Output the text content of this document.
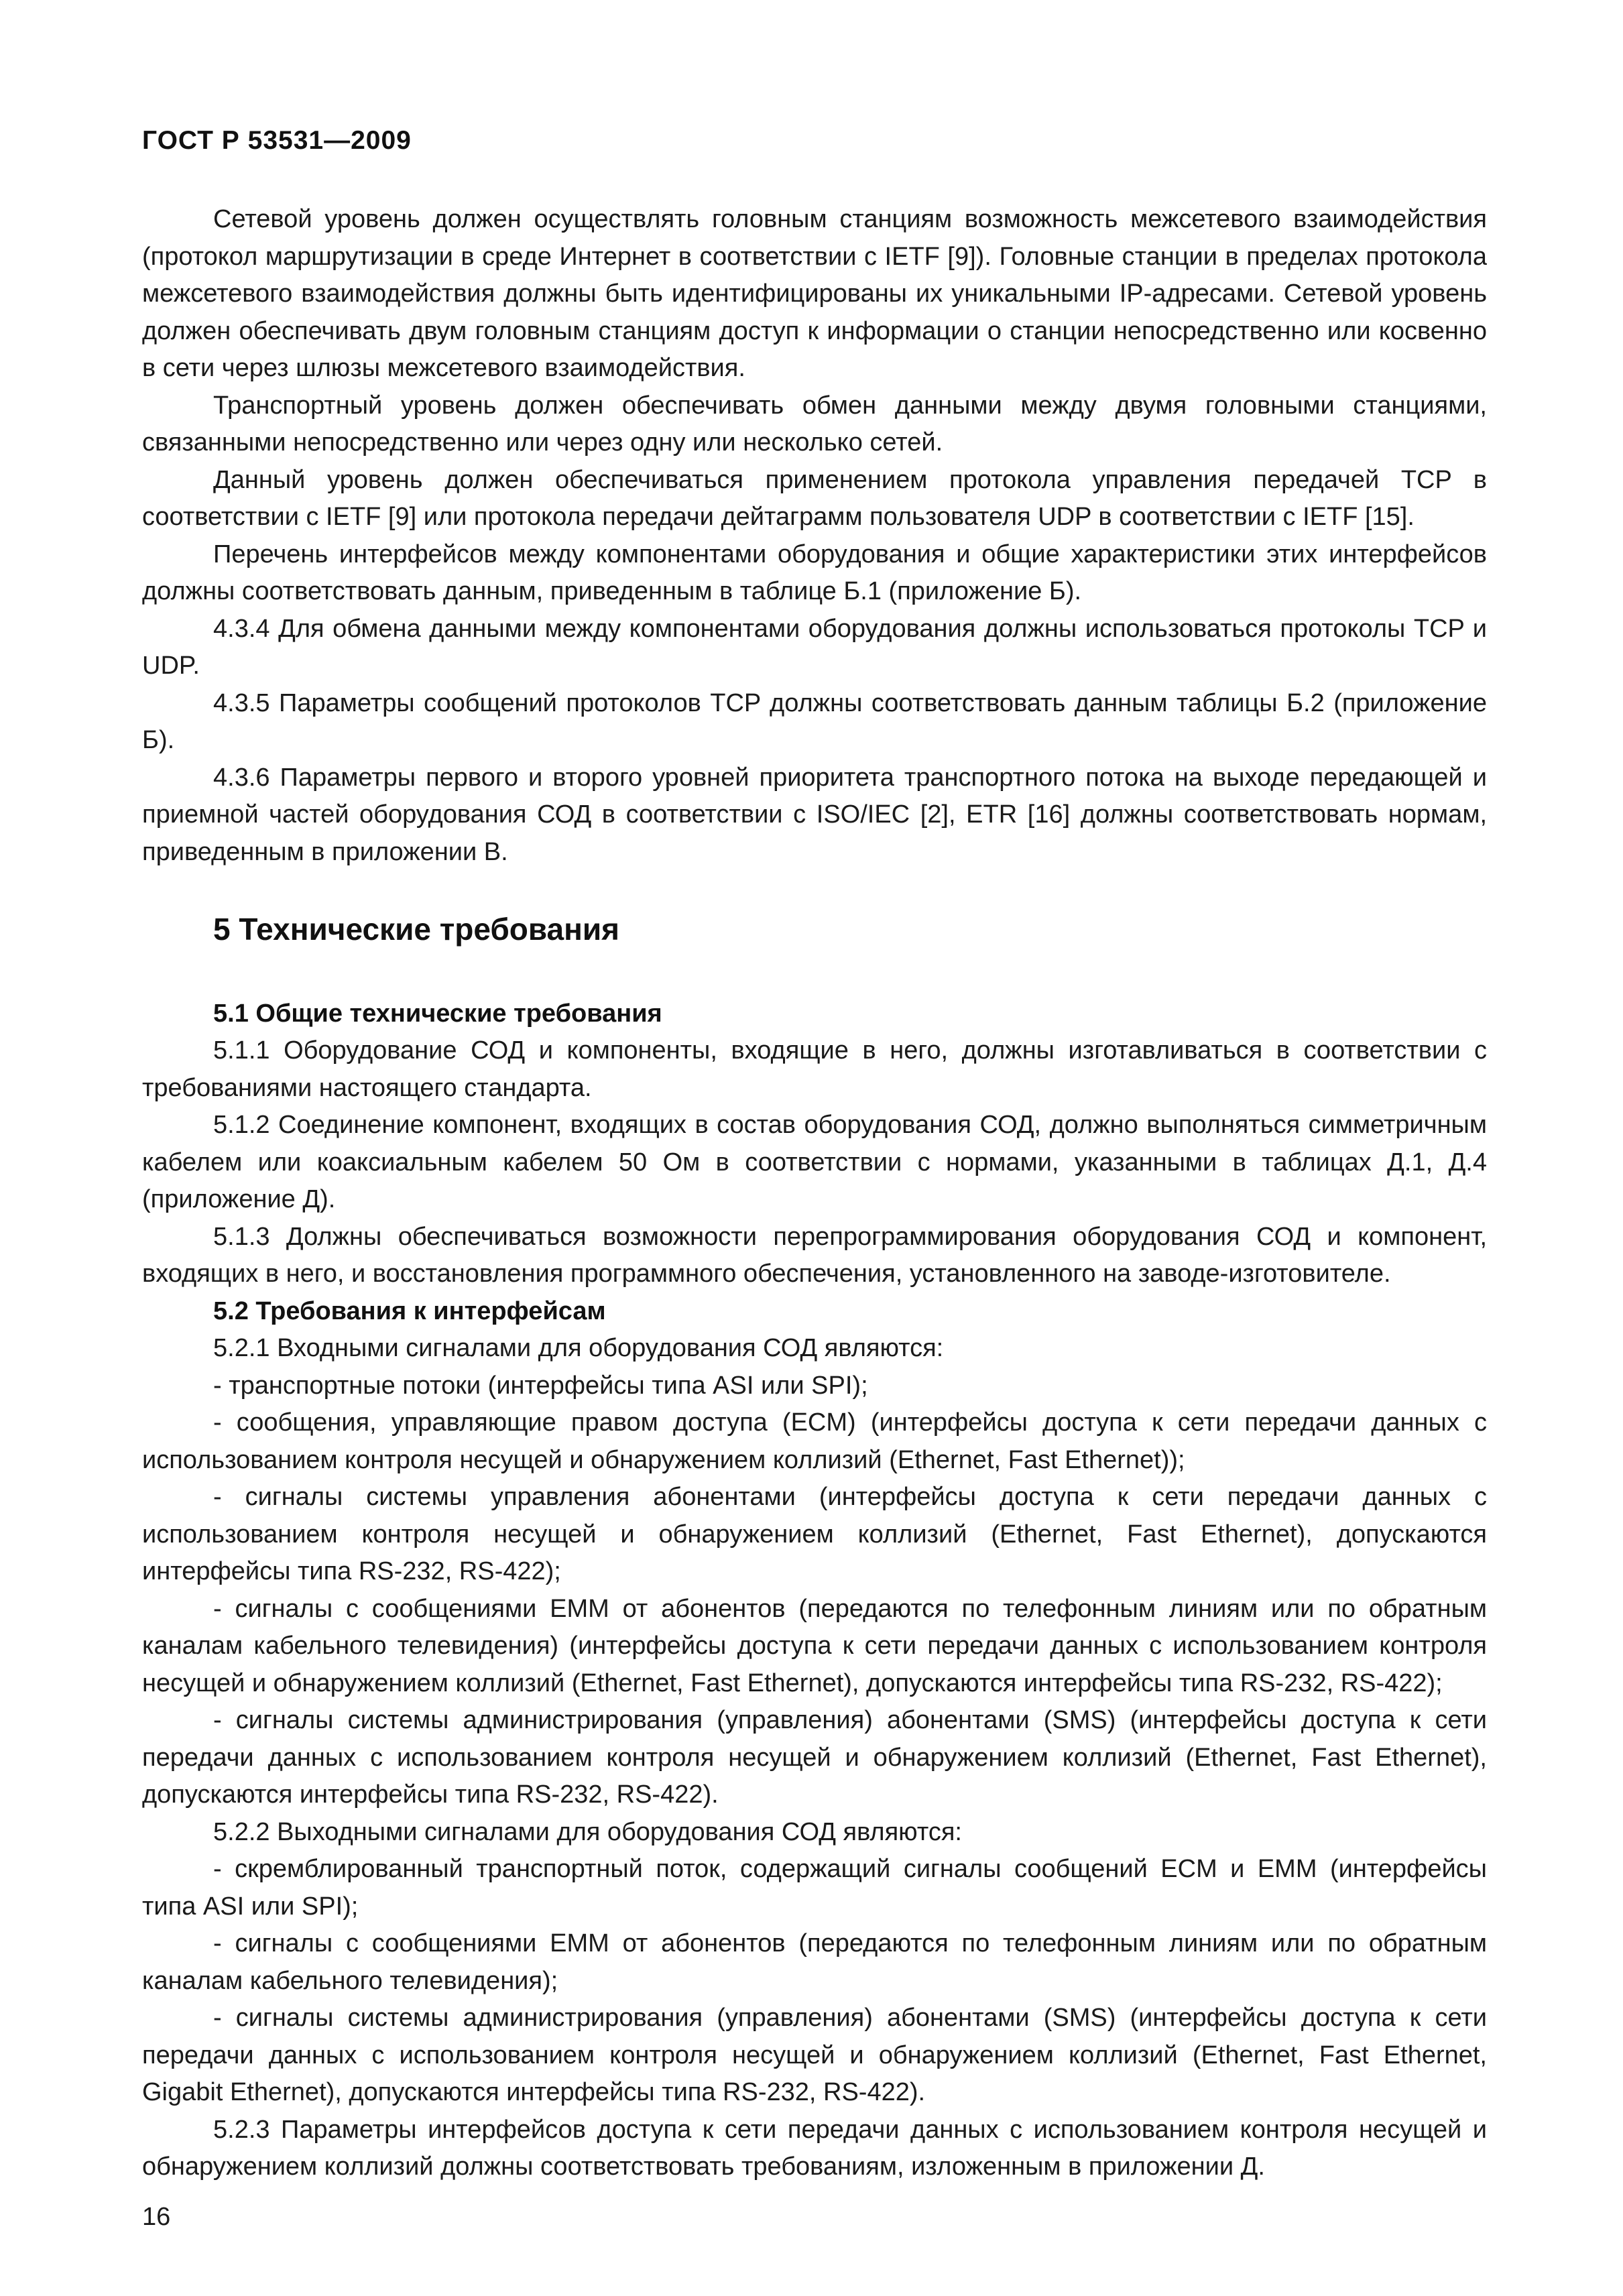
ГОСТ Р 53531—2009

Сетевой уровень должен осуществлять головным станциям возможность межсетевого взаимодействия (протокол маршрутизации в среде Интернет в соответствии с IETF [9]). Головные станции в пределах протокола межсетевого взаимодействия должны быть идентифицированы их уникальными IP-адресами. Сетевой уровень должен обеспечивать двум головным станциям доступ к информации о станции непосредственно или косвенно в сети через шлюзы межсетевого взаимодействия.

Транспортный уровень должен обеспечивать обмен данными между двумя головными станциями, связанными непосредственно или через одну или несколько сетей.

Данный уровень должен обеспечиваться применением протокола управления передачей TCP в соответствии с IETF [9] или протокола передачи дейтаграмм пользователя UDP в соответствии с IETF [15].

Перечень интерфейсов между компонентами оборудования и общие характеристики этих интерфейсов должны соответствовать данным, приведенным в таблице Б.1 (приложение Б).

4.3.4 Для обмена данными между компонентами оборудования должны использоваться протоколы TCP и UDP.

4.3.5 Параметры сообщений протоколов TCP должны соответствовать данным таблицы Б.2 (приложение Б).

4.3.6 Параметры первого и второго уровней приоритета транспортного потока на выходе передающей и приемной частей оборудования СОД в соответствии с ISO/IEC [2], ETR [16] должны соответствовать нормам, приведенным в приложении В.

5 Технические требования

5.1 Общие технические требования

5.1.1 Оборудование СОД и компоненты, входящие в него, должны изготавливаться в соответствии с требованиями настоящего стандарта.

5.1.2 Соединение компонент, входящих в состав оборудования СОД, должно выполняться симметричным кабелем или коаксиальным кабелем 50 Ом в соответствии с нормами, указанными в таблицах Д.1, Д.4 (приложение Д).

5.1.3 Должны обеспечиваться возможности перепрограммирования оборудования СОД и компонент, входящих в него, и восстановления программного обеспечения, установленного на заводе-изготовителе.

5.2 Требования к интерфейсам

5.2.1 Входными сигналами для оборудования СОД являются:

- транспортные потоки (интерфейсы типа ASI или SPI);

- сообщения, управляющие правом доступа (ECM) (интерфейсы доступа к сети передачи данных с использованием контроля несущей и обнаружением коллизий (Ethernet, Fast Ethernet));

- сигналы системы управления абонентами (интерфейсы доступа к сети передачи данных с использованием контроля несущей и обнаружением коллизий (Ethernet, Fast Ethernet), допускаются интерфейсы типа RS-232, RS-422);

- сигналы с сообщениями EMM от абонентов (передаются по телефонным линиям или по обратным каналам кабельного телевидения) (интерфейсы доступа к сети передачи данных с использованием контроля несущей и обнаружением коллизий (Ethernet, Fast Ethernet), допускаются интерфейсы типа RS-232, RS-422);

- сигналы системы администрирования (управления) абонентами (SMS) (интерфейсы доступа к сети передачи данных с использованием контроля несущей и обнаружением коллизий (Ethernet, Fast Ethernet), допускаются интерфейсы типа RS-232, RS-422).

5.2.2 Выходными сигналами для оборудования СОД являются:

- скремблированный транспортный поток, содержащий сигналы сообщений ECM и EMM (интерфейсы типа ASI или SPI);

- сигналы с сообщениями EMM от абонентов (передаются по телефонным линиям или по обратным каналам кабельного телевидения);

- сигналы системы администрирования (управления) абонентами (SMS) (интерфейсы доступа к сети передачи данных с использованием контроля несущей и обнаружением коллизий (Ethernet, Fast Ethernet, Gigabit Ethernet), допускаются интерфейсы типа RS-232, RS-422).

5.2.3 Параметры интерфейсов доступа к сети передачи данных с использованием контроля несущей и обнаружением коллизий должны соответствовать требованиям, изложенным в приложении Д.

16
